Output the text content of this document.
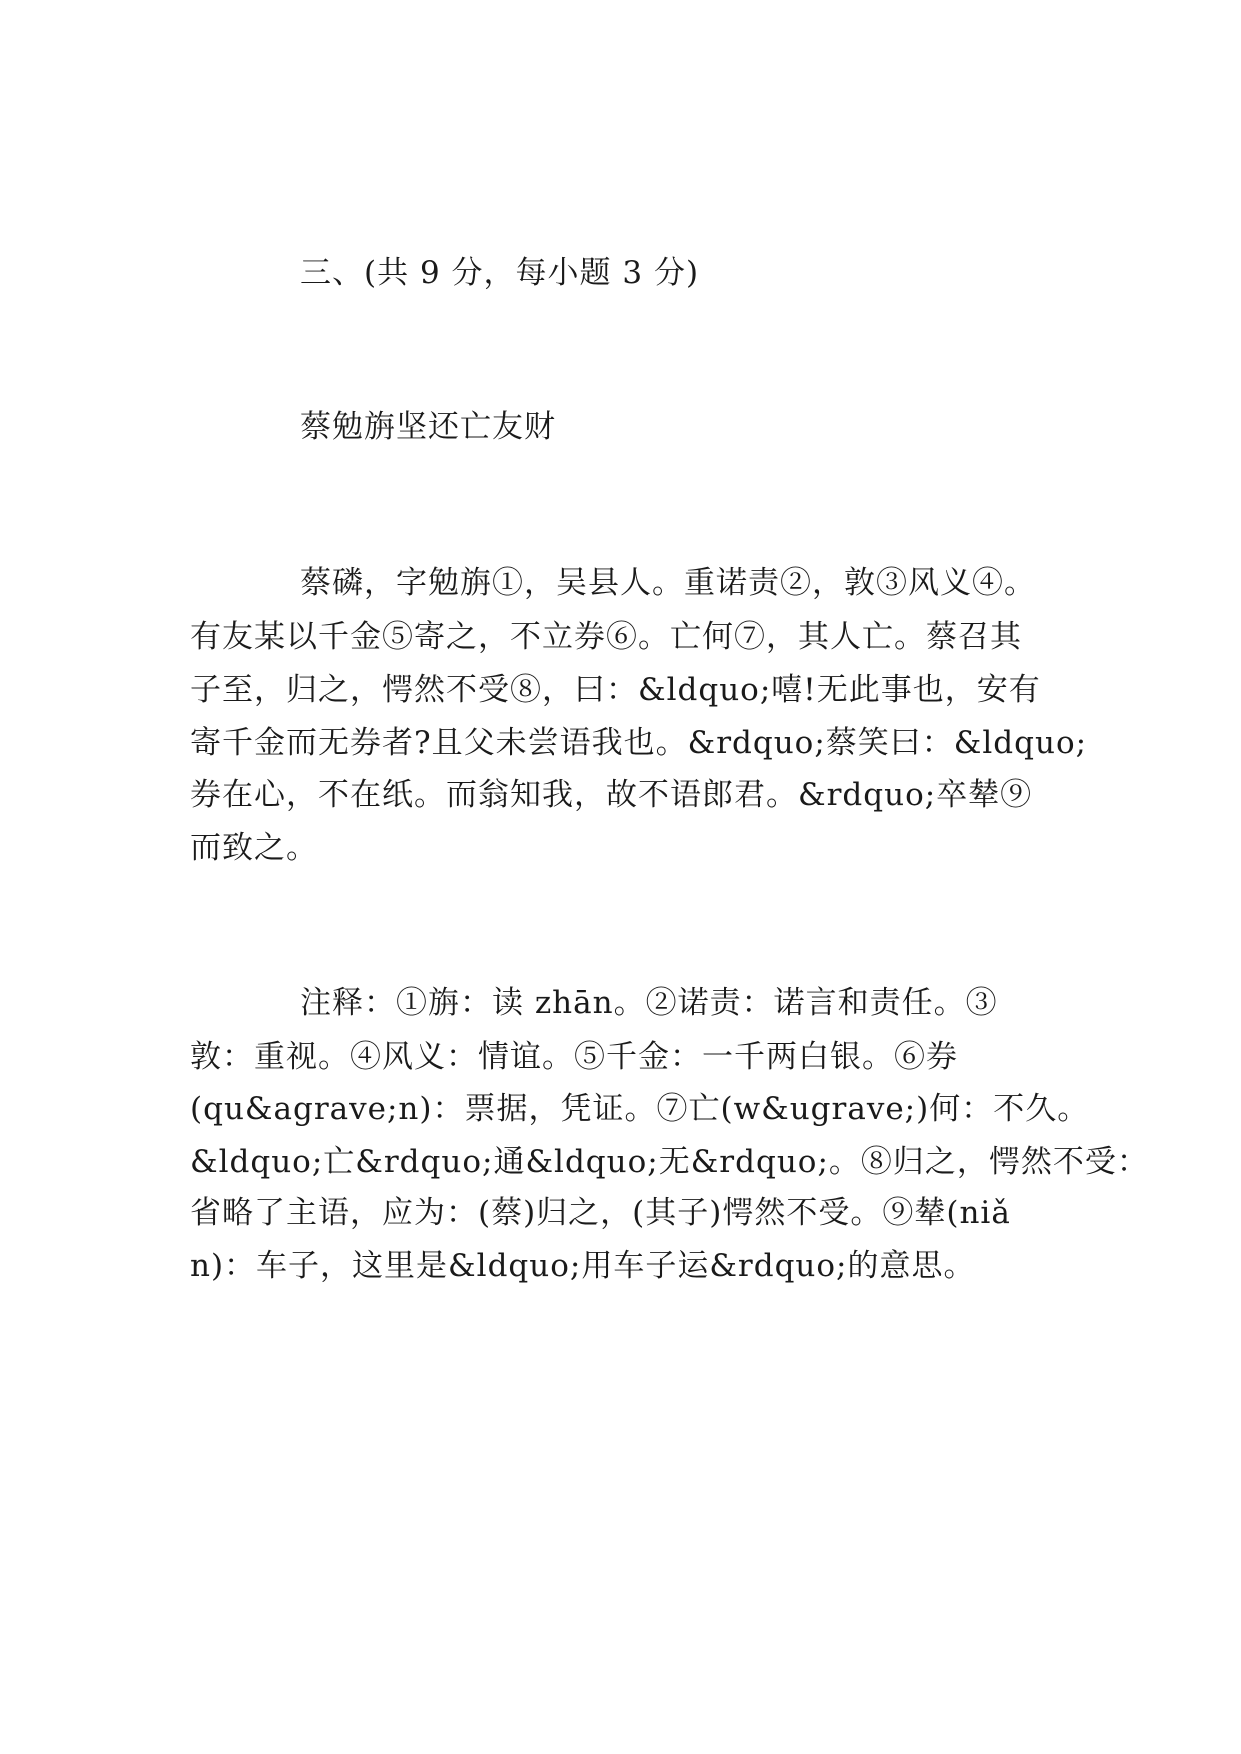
三、(共 9 分，每小题 3 分)
蔡勉旃坚还亡友财
蔡磷，字勉旃①，吴县人。重诺责②，敦③风义④。
有友某以千金⑤寄之，不立券⑥。亡何⑦，其人亡。蔡召其
子至，归之，愕然不受⑧，曰：&ldquo;嘻!无此事也，安有
寄千金而无券者?且父未尝语我也。&rdquo;蔡笑曰：&ldquo;
券在心，不在纸。而翁知我，故不语郎君。&rdquo;卒辇⑨
而致之。
注释：①旃：读 zhān。②诺责：诺言和责任。③
敦：重视。④风义：情谊。⑤千金：一千两白银。⑥券
(qu&agrave;n)：票据，凭证。⑦亡(w&ugrave;)何：不久。
&ldquo;亡&rdquo;通&ldquo;无&rdquo;。⑧归之，愕然不受：
省略了主语，应为：(蔡)归之，(其子)愕然不受。⑨辇(niǎ
n)：车子，这里是&ldquo;用车子运&rdquo;的意思。
